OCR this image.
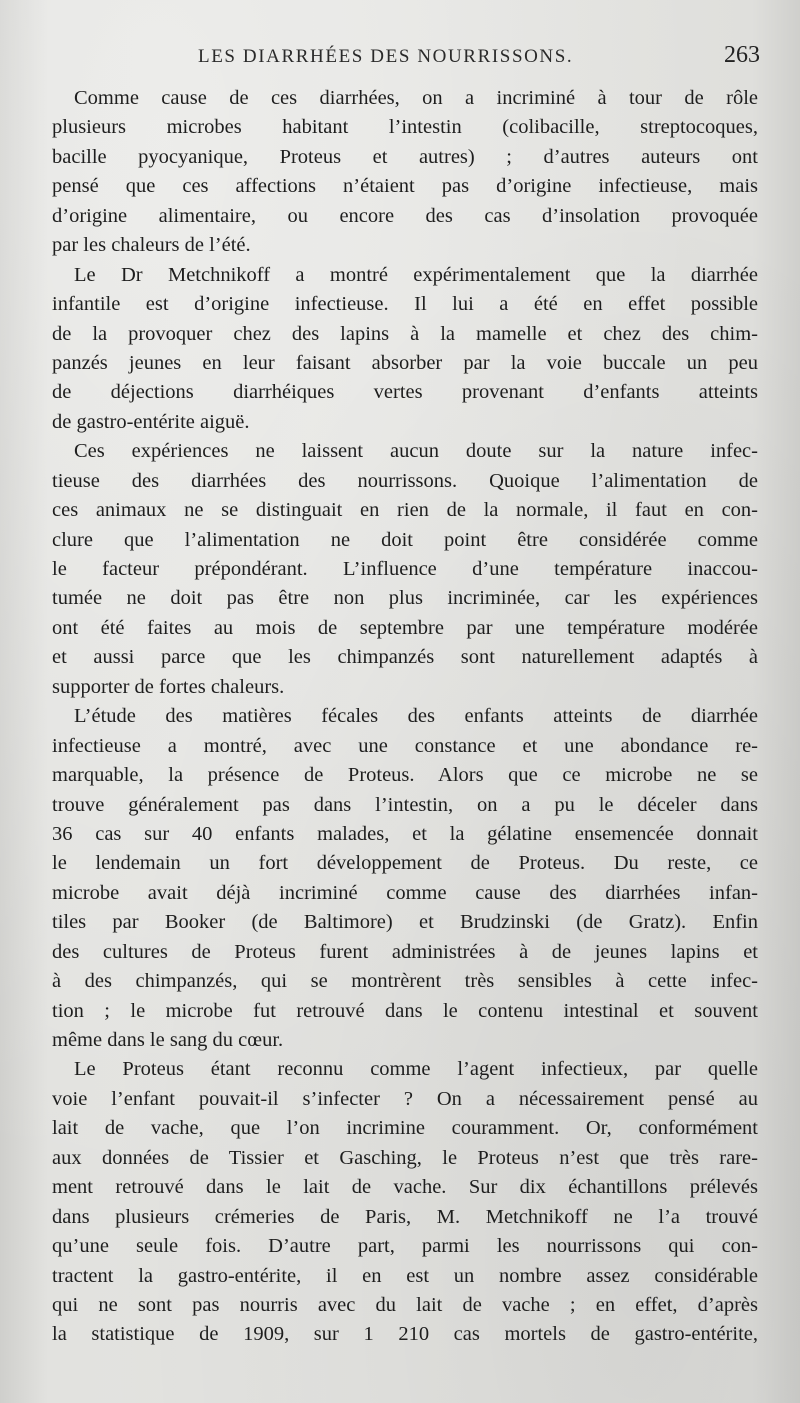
LES DIARRHÉES DES NOURRISSONS.	263
Comme cause de ces diarrhées, on a incriminé à tour de rôle
plusieurs microbes habitant l’intestin (colibacille, streptocoques,
bacille pyocyanique, Proteus et autres) ; d’autres auteurs ont
pensé que ces affections n’étaient pas d’origine infectieuse, mais
d’origine alimentaire, ou encore des cas d’insolation provoquée
par les chaleurs de l’été.
Le Dr Metchnikoff a montré expérimentalement que la diarrhée
infantile est d’origine infectieuse. Il lui a été en effet possible
de la provoquer chez des lapins à la mamelle et chez des chim-
panzés jeunes en leur faisant absorber par la voie buccale un peu
de déjections diarrhéiques vertes provenant d’enfants atteints
de gastro-entérite aiguë.
Ces expériences ne laissent aucun doute sur la nature infec-
tieuse des diarrhées des nourrissons. Quoique l’alimentation de
ces animaux ne se distinguait en rien de la normale, il faut en con-
clure que l’alimentation ne doit point être considérée comme
le facteur prépondérant. L’influence d’une température inaccou-
tumée ne doit pas être non plus incriminée, car les expériences
ont été faites au mois de septembre par une température modérée
et aussi parce que les chimpanzés sont naturellement adaptés à
supporter de fortes chaleurs.
L’étude des matières fécales des enfants atteints de diarrhée
infectieuse a montré, avec une constance et une abondance re-
marquable, la présence de Proteus. Alors que ce microbe ne se
trouve généralement pas dans l’intestin, on a pu le déceler dans
36 cas sur 40 enfants malades, et la gélatine ensemencée donnait
le lendemain un fort développement de Proteus. Du reste, ce
microbe avait déjà incriminé comme cause des diarrhées infan-
tiles par Booker (de Baltimore) et Brudzinski (de Gratz). Enfin
des cultures de Proteus furent administrées à de jeunes lapins et
à des chimpanzés, qui se montrèrent très sensibles à cette infec-
tion ; le microbe fut retrouvé dans le contenu intestinal et souvent
même dans le sang du cœur.
Le Proteus étant reconnu comme l’agent infectieux, par quelle
voie l’enfant pouvait-il s’infecter ? On a nécessairement pensé au
lait de vache, que l’on incrimine couramment. Or, conformément
aux données de Tissier et Gasching, le Proteus n’est que très rare-
ment retrouvé dans le lait de vache. Sur dix échantillons prélevés
dans plusieurs crémeries de Paris, M. Metchnikoff ne l’a trouvé
qu’une seule fois. D’autre part, parmi les nourrissons qui con-
tractent la gastro-entérite, il en est un nombre assez considérable
qui ne sont pas nourris avec du lait de vache ; en effet, d’après
la statistique de 1909, sur 1 210 cas mortels de gastro-entérite,
